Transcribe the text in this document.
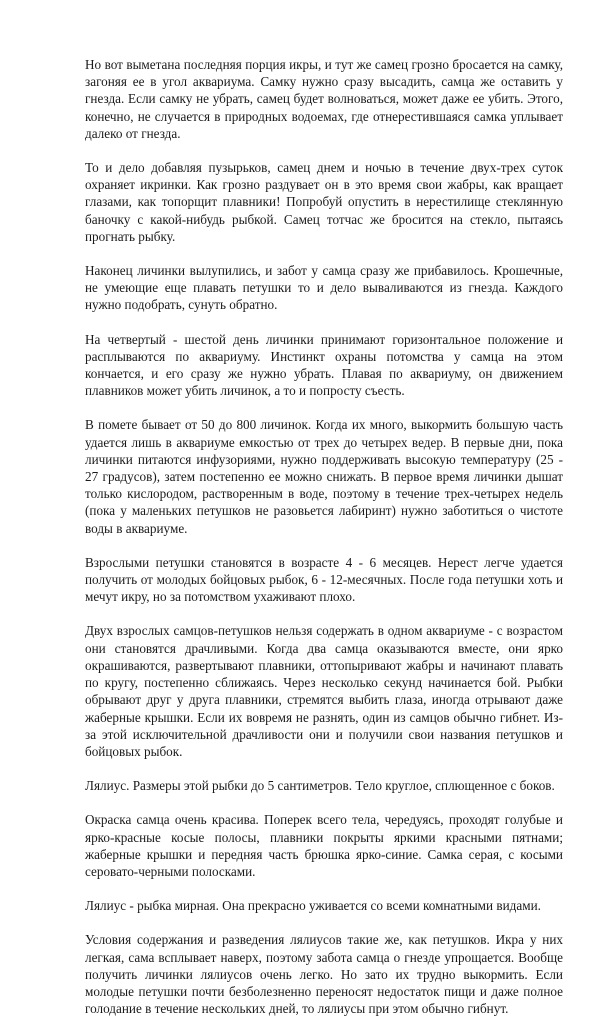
Но вот выметана последняя порция икры, и тут же самец грозно бросается на самку, загоняя ее в угол аквариума. Самку нужно сразу высадить, самца же оставить у гнезда. Если самку не убрать, самец будет волноваться, может даже ее убить. Этого, конечно, не случается в природных водоемах, где отнерестившаяся самка уплывает далеко от гнезда.

То и дело добавляя пузырьков, самец днем и ночью в течение двух-трех суток охраняет икринки. Как грозно раздувает он в это время свои жабры, как вращает глазами, как топорщит плавники! Попробуй опустить в нерестилище стеклянную баночку с какой-нибудь рыбкой. Самец тотчас же бросится на стекло, пытаясь прогнать рыбку.

Наконец личинки вылупились, и забот у самца сразу же прибавилось. Крошечные, не умеющие еще плавать петушки то и дело вываливаются из гнезда. Каждого нужно подобрать, сунуть обратно.

На четвертый - шестой день личинки принимают горизонтальное положение и расплываются по аквариуму. Инстинкт охраны потомства у самца на этом кончается, и его сразу же нужно убрать. Плавая по аквариуму, он движением плавников может убить личинок, а то и попросту съесть.

В помете бывает от 50 до 800 личинок. Когда их много, выкормить большую часть удается лишь в аквариуме емкостью от трех до четырех ведер. В первые дни, пока личинки питаются инфузориями, нужно поддерживать высокую температуру (25 - 27 градусов), затем постепенно ее можно снижать. В первое время личинки дышат только кислородом, растворенным в воде, поэтому в течение трех-четырех недель (пока у маленьких петушков не разовьется лабиринт) нужно заботиться о чистоте воды в аквариуме.

Взрослыми петушки становятся в возрасте 4 - 6 месяцев. Нерест легче удается получить от молодых бойцовых рыбок, 6 - 12-месячных. После года петушки хоть и мечут икру, но за потомством ухаживают плохо.

Двух взрослых самцов-петушков нельзя содержать в одном аквариуме - с возрастом они становятся драчливыми. Когда два самца оказываются вместе, они ярко окрашиваются, развертывают плавники, оттопыривают жабры и начинают плавать по кругу, постепенно сближаясь. Через несколько секунд начинается бой. Рыбки обрывают друг у друга плавники, стремятся выбить глаза, иногда отрывают даже жаберные крышки. Если их вовремя не разнять, один из самцов обычно гибнет. Из-за этой исключительной драчливости они и получили свои названия петушков и бойцовых рыбок.

Лялиус. Размеры этой рыбки до 5 сантиметров. Тело круглое, сплющенное с боков.

Окраска самца очень красива. Поперек всего тела, чередуясь, проходят голубые и ярко-красные косые полосы, плавники покрыты яркими красными пятнами; жаберные крышки и передняя часть брюшка ярко-синие. Самка серая, с косыми серовато-черными полосками.

Лялиус - рыбка мирная. Она прекрасно уживается со всеми комнатными видами.

Условия содержания и разведения лялиусов такие же, как петушков. Икра у них легкая, сама всплывает наверх, поэтому забота самца о гнезде упрощается. Вообще получить личинки лялиусов очень легко. Но зато их трудно выкормить. Если молодые петушки почти безболезненно переносят недостаток пищи и даже полное голодание в течение нескольких дней, то лялиусы при этом обычно гибнут.
